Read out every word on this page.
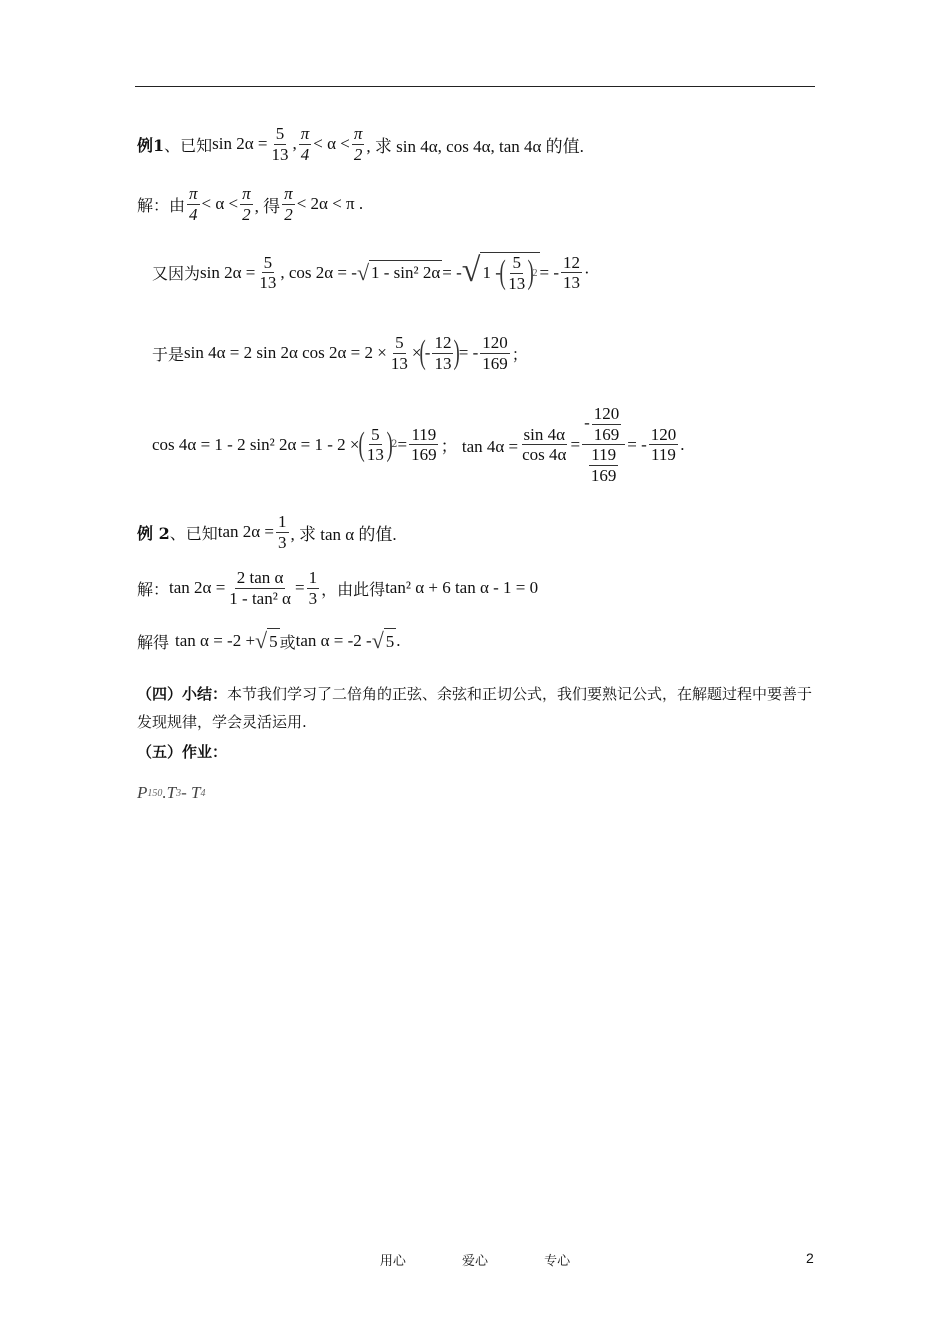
例1 、已知 $\sin 2\alpha = \frac{5}{13}$ , $\frac{\pi}{4} < \alpha < \frac{\pi}{2}$ , 求 sin 4α, cos 4α, tan 4α 的值.
解：由 $\frac{\pi}{4} < \alpha < \frac{\pi}{2}$ , 得 $\frac{\pi}{2} < 2\alpha < \pi$ .
又因为 $\sin 2\alpha = \frac{5}{13}$ , cos 2α = - √ 1 - sin² 2α = - √ 1 -
( $\frac{5}{13}$ )
2 = - $\frac{12}{13}$ ·
于是 sin 4α = 2 sin 2α $\cos 2\alpha = 2 \times \frac{5}{13}$ ×
(
- $\frac{12}{13}$ )
= - $\frac{120}{169}$ ；
cos 4α = 1 - 2 sin² 2α = 1 - 2 ×
( $\frac{5}{13}$ )
$2 = \frac{119}{169}$ ； $\tan 4\alpha = \frac{\sin 4\alpha}{\cos 4\alpha} = \frac{- \frac{120}{169}}{\frac{119}{169}}$ = - $\frac{120}{119}$ .
例 2 、已知 $\tan 2\alpha = \frac{1}{3}$ , 求 tan α 的值.
解： $\tan 2\alpha = \frac{\text{2 tan α}}{\text{1 - tan² α}} = \frac{1}{3}$ ，由此得 tan² α + 6 tan α - 1 = 0
解得 tan α = -2 + √ 5 或 tan α = -2 - √ 5 .
（四）小结：本节我们学习了二倍角的正弦、余弦和正切公式，我们要熟记公式，在解题过程中要善于发现规律，学会灵活运用.
（五）作业：
P 150 .T 3 - T 4
用心	爱心	专心	2
